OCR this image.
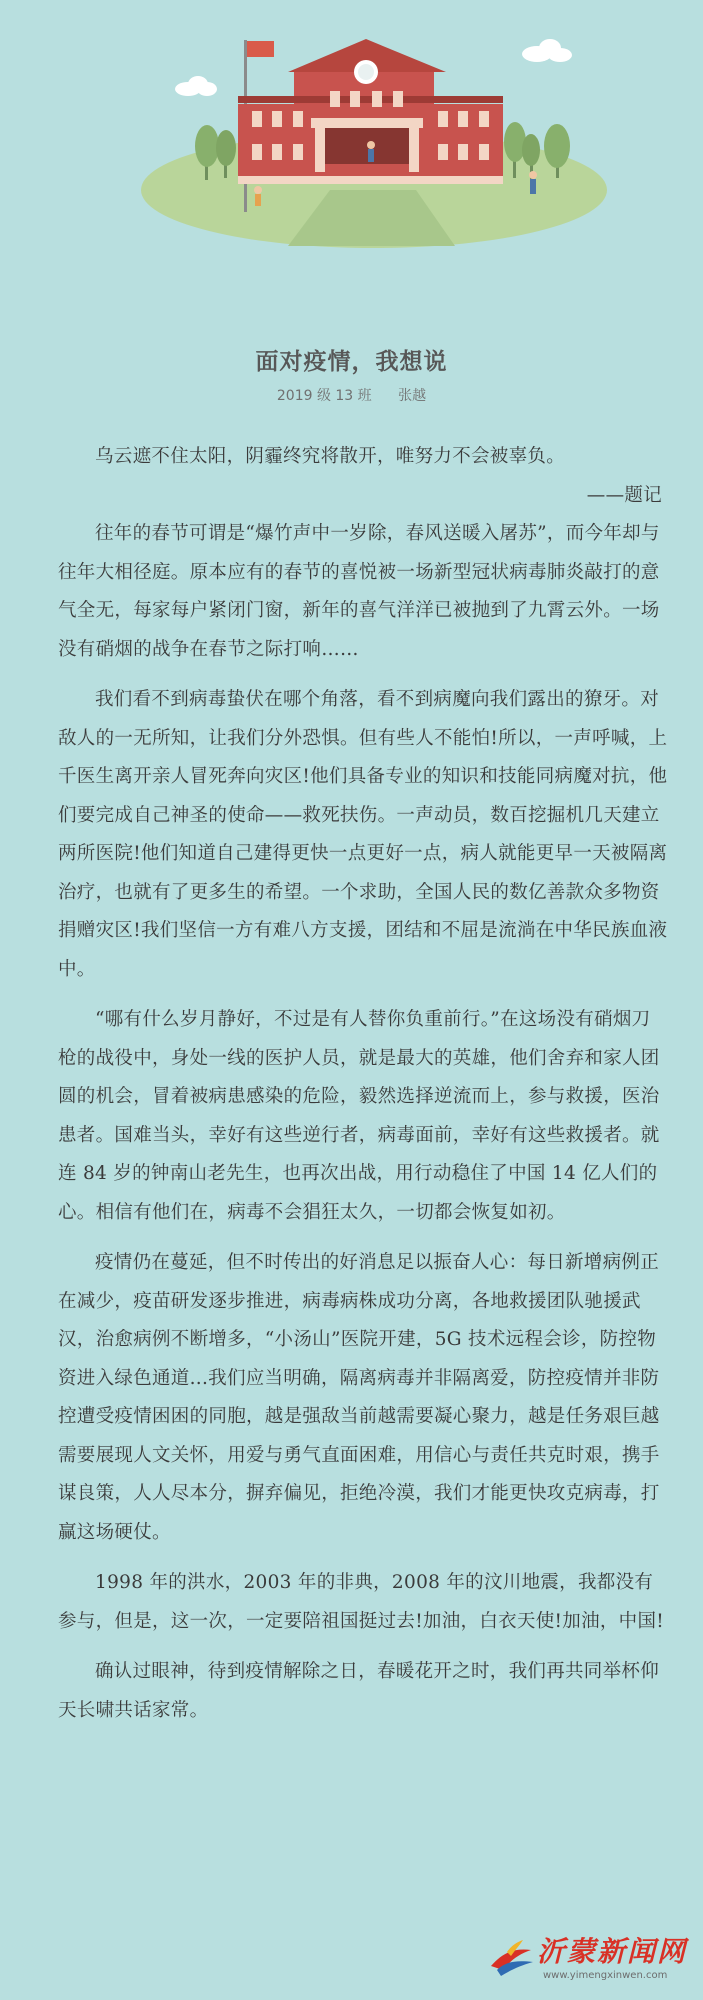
面对疫情，我想说
2019 级 13 班 张越

乌云遮不住太阳，阴霾终究将散开，唯努力不会被辜负。

——题记

往年的春节可谓是“爆竹声中一岁除，春风送暖入屠苏”，而今年却与往年大相径庭。原本应有的春节的喜悦被一场新型冠状病毒肺炎敲打的意气全无，每家每户紧闭门窗，新年的喜气洋洋已被抛到了九霄云外。一场没有硝烟的战争在春节之际打响……

我们看不到病毒蛰伏在哪个角落，看不到病魔向我们露出的獠牙。对敌人的一无所知，让我们分外恐惧。但有些人不能怕!所以，一声呼喊，上千医生离开亲人冒死奔向灾区!他们具备专业的知识和技能同病魔对抗，他们要完成自己神圣的使命——救死扶伤。一声动员，数百挖掘机几天建立两所医院!他们知道自己建得更快一点更好一点，病人就能更早一天被隔离治疗，也就有了更多生的希望。一个求助，全国人民的数亿善款众多物资捐赠灾区!我们坚信一方有难八方支援，团结和不屈是流淌在中华民族血液中。

“哪有什么岁月静好，不过是有人替你负重前行。”在这场没有硝烟刀枪的战役中，身处一线的医护人员，就是最大的英雄，他们舍弃和家人团圆的机会，冒着被病患感染的危险，毅然选择逆流而上，参与救援，医治患者。国难当头，幸好有这些逆行者，病毒面前，幸好有这些救援者。就连 84 岁的钟南山老先生，也再次出战，用行动稳住了中国 14 亿人们的心。相信有他们在，病毒不会猖狂太久，一切都会恢复如初。

疫情仍在蔓延，但不时传出的好消息足以振奋人心：每日新增病例正在减少，疫苗研发逐步推进，病毒病株成功分离，各地救援团队驰援武汉，治愈病例不断增多，“小汤山”医院开建，5G 技术远程会诊，防控物资进入绿色通道...我们应当明确，隔离病毒并非隔离爱，防控疫情并非防控遭受疫情困困的同胞，越是强敌当前越需要凝心聚力，越是任务艰巨越需要展现人文关怀，用爱与勇气直面困难，用信心与责任共克时艰，携手谋良策，人人尽本分，摒弃偏见，拒绝冷漠，我们才能更快攻克病毒，打赢这场硬仗。

1998 年的洪水，2003 年的非典，2008 年的汶川地震，我都没有参与，但是，这一次，一定要陪祖国挺过去!加油，白衣天使!加油，中国!

确认过眼神，待到疫情解除之日，春暖花开之时，我们再共同举杯仰天长啸共话家常。

沂蒙新闻网
www.yimengxinwen.com
